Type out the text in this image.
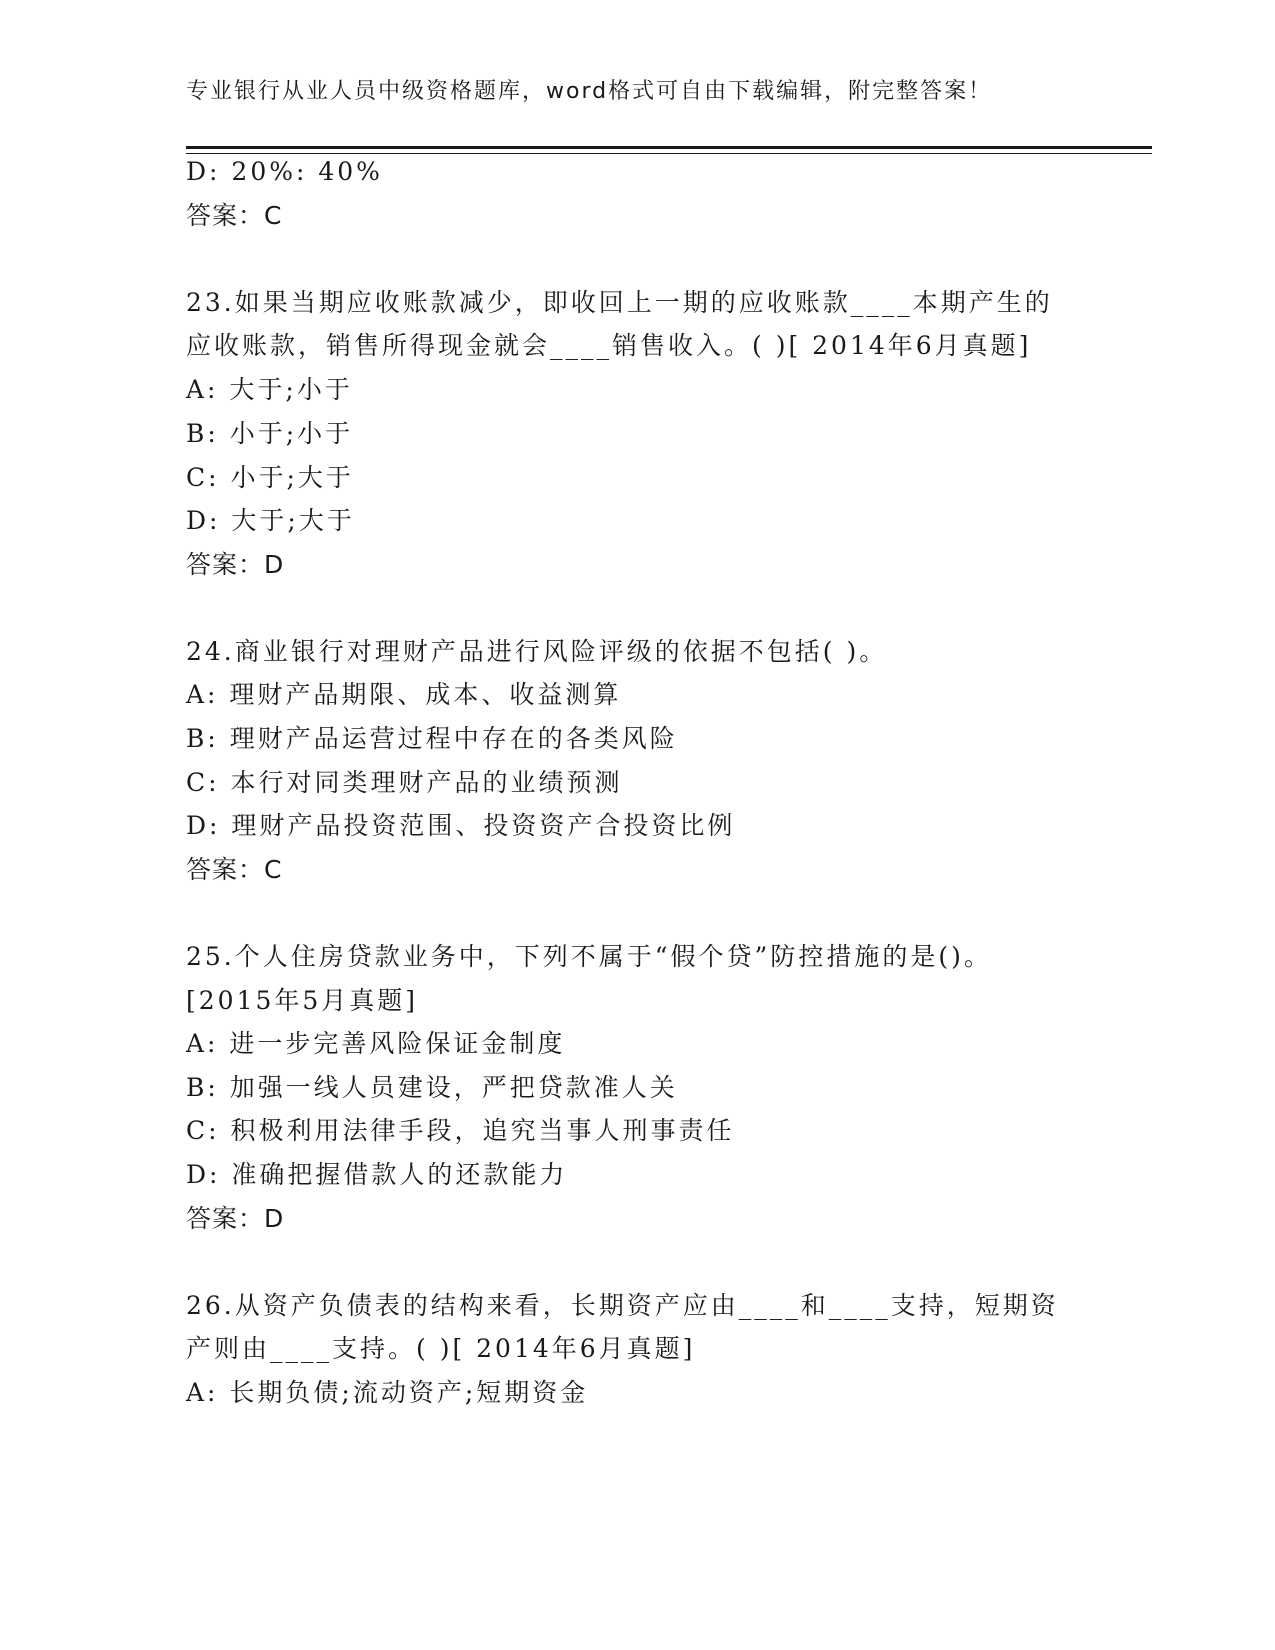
专业银行从业人员中级资格题库，word格式可自由下载编辑，附完整答案！
D: 20%: 40%
答案：C
23.如果当期应收账款减少，即收回上一期的应收账款____本期产生的
应收账款，销售所得现金就会____销售收入。( )[ 2014年6月真题]
A: 大于;小于
B: 小于;小于
C: 小于;大于
D: 大于;大于
答案：D
24.商业银行对理财产品进行风险评级的依据不包括( )。
A: 理财产品期限、成本、收益测算
B: 理财产品运营过程中存在的各类风险
C: 本行对同类理财产品的业绩预测
D: 理财产品投资范围、投资资产合投资比例
答案：C
25.个人住房贷款业务中，下列不属于“假个贷”防控措施的是()。
[2015年5月真题]
A: 进一步完善风险保证金制度
B: 加强一线人员建设，严把贷款准人关
C: 积极利用法律手段，追究当事人刑事责任
D: 准确把握借款人的还款能力
答案：D
26.从资产负债表的结构来看，长期资产应由____和____支持，短期资
产则由____支持。( )[ 2014年6月真题]
A: 长期负债;流动资产;短期资金
